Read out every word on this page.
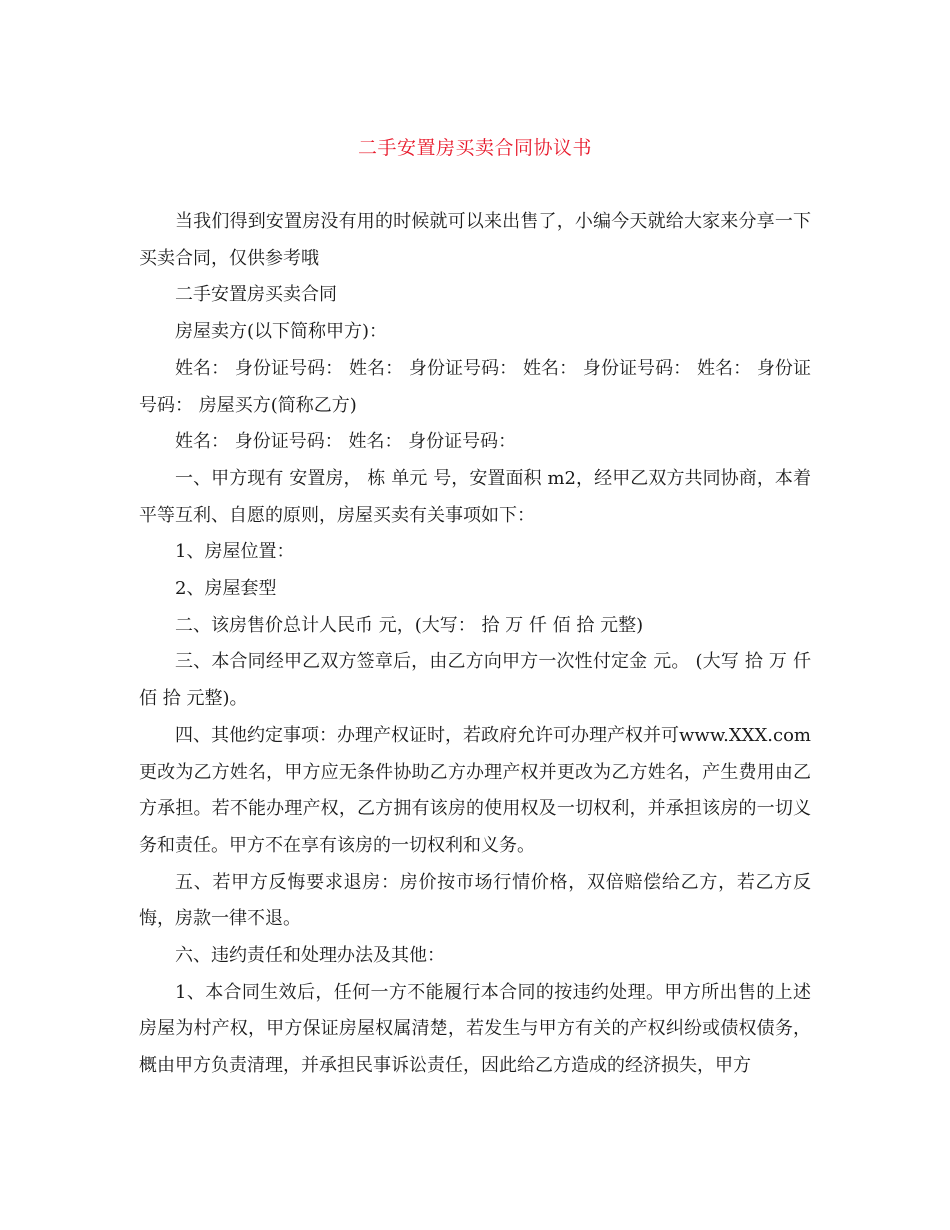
二手安置房买卖合同协议书

当我们得到安置房没有用的时候就可以来出售了，小编今天就给大家来分享一下买卖合同，仅供参考哦

二手安置房买卖合同

房屋卖方(以下简称甲方)：

姓名： 身份证号码： 姓名： 身份证号码： 姓名： 身份证号码： 姓名： 身份证号码： 房屋买方(简称乙方)

姓名： 身份证号码： 姓名： 身份证号码：

一、甲方现有 安置房， 栋 单元 号，安置面积 m2，经甲乙双方共同协商，本着平等互利、自愿的原则，房屋买卖有关事项如下：

1、房屋位置：

2、房屋套型

二、该房售价总计人民币 元，(大写： 拾 万 仟 佰 拾 元整)

三、本合同经甲乙双方签章后，由乙方向甲方一次性付定金 元。 (大写 拾 万 仟 佰 拾 元整)。

四、其他约定事项：办理产权证时，若政府允许可办理产权并可www.XXX.com更改为乙方姓名，甲方应无条件协助乙方办理产权并更改为乙方姓名，产生费用由乙方承担。若不能办理产权，乙方拥有该房的使用权及一切权利，并承担该房的一切义务和责任。甲方不在享有该房的一切权利和义务。

五、若甲方反悔要求退房：房价按市场行情价格，双倍赔偿给乙方，若乙方反悔，房款一律不退。

六、违约责任和处理办法及其他：

1、本合同生效后，任何一方不能履行本合同的按违约处理。甲方所出售的上述房屋为村产权，甲方保证房屋权属清楚，若发生与甲方有关的产权纠纷或债权债务，概由甲方负责清理，并承担民事诉讼责任，因此给乙方造成的经济损失，甲方
